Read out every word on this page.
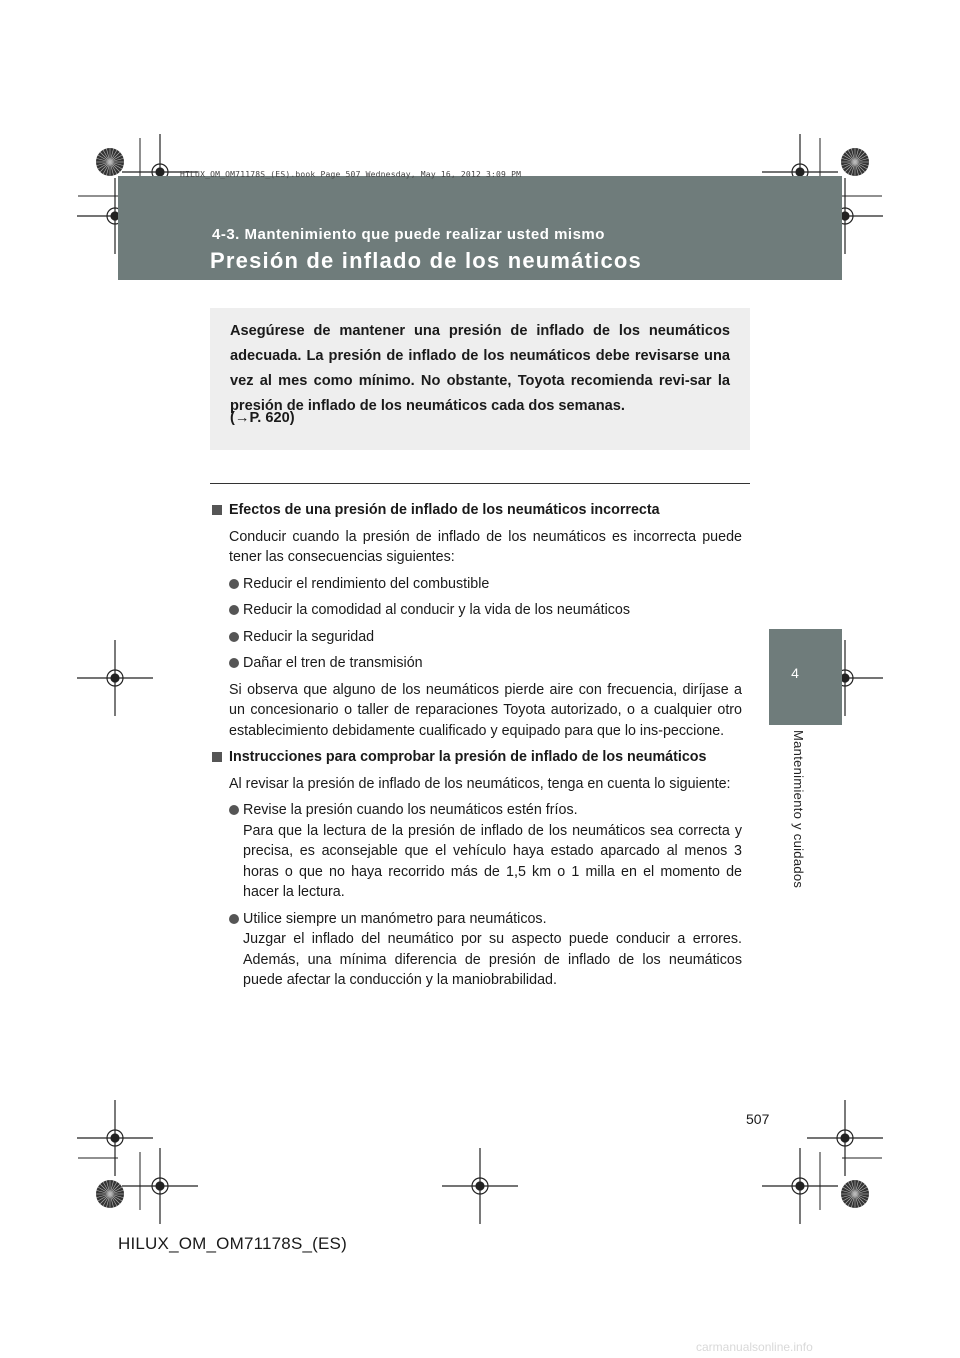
HILUX_OM_OM71178S_(ES).book Page 507 Wednesday, May 16, 2012 3:09 PM
4-3. Mantenimiento que puede realizar usted mismo
Presión de inflado de los neumáticos
4
Mantenimiento y cuidados
Asegúrese de mantener una presión de inflado de los neumáticos adecuada. La presión de inflado de los neumáticos debe revisarse una vez al mes como mínimo. No obstante, Toyota recomienda revi-sar la presión de inflado de los neumáticos cada dos semanas.
(→P. 620)
Efectos de una presión de inflado de los neumáticos incorrecta
Conducir cuando la presión de inflado de los neumáticos es incorrecta puede tener las consecuencias siguientes:
Reducir el rendimiento del combustible
Reducir la comodidad al conducir y la vida de los neumáticos
Reducir la seguridad
Dañar el tren de transmisión
Si observa que alguno de los neumáticos pierde aire con frecuencia, diríjase a un concesionario o taller de reparaciones Toyota autorizado, o a cualquier otro establecimiento debidamente cualificado y equipado para que lo ins-peccione.
Instrucciones para comprobar la presión de inflado de los neumáticos
Al revisar la presión de inflado de los neumáticos, tenga en cuenta lo siguiente:
Revise la presión cuando los neumáticos estén fríos.
Para que la lectura de la presión de inflado de los neumáticos sea correcta y precisa, es aconsejable que el vehículo haya estado aparcado al menos 3 horas o que no haya recorrido más de 1,5 km o 1 milla en el momento de hacer la lectura.
Utilice siempre un manómetro para neumáticos.
Juzgar el inflado del neumático por su aspecto puede conducir a errores. Además, una mínima diferencia de presión de inflado de los neumáticos puede afectar la conducción y la maniobrabilidad.
507
HILUX_OM_OM71178S_(ES)
carmanualsonline.info
